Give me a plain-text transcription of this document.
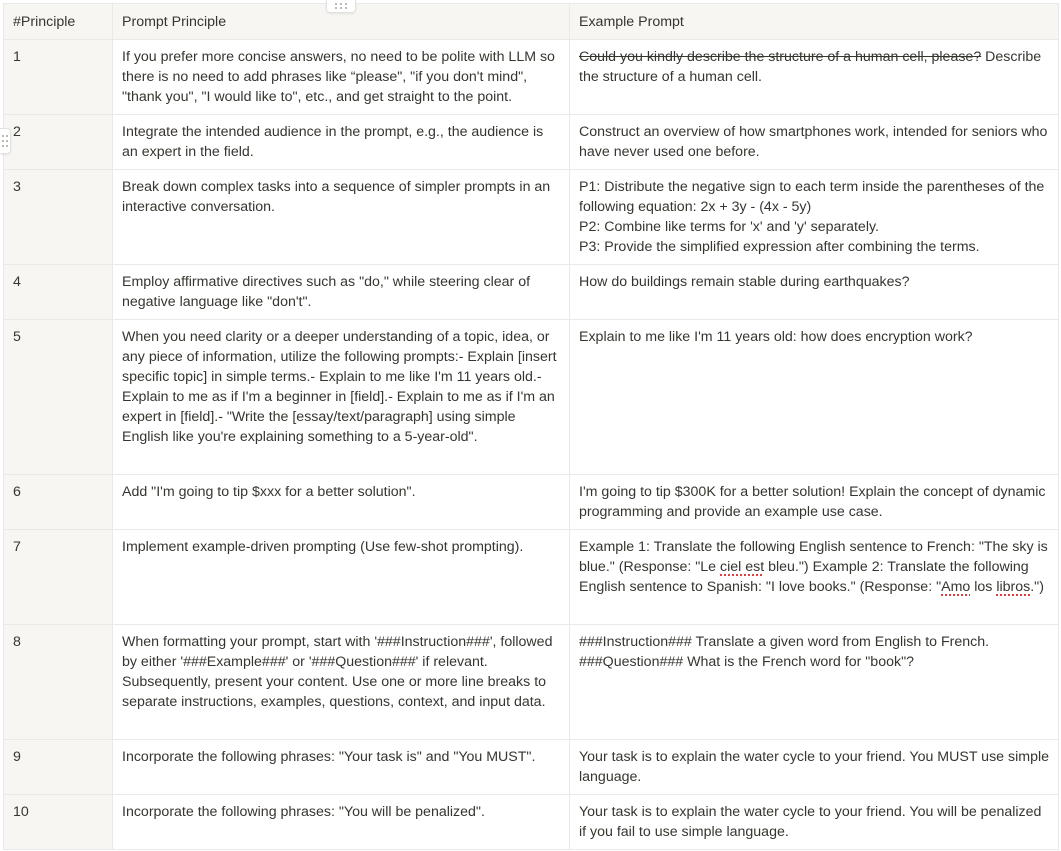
#Principle	Prompt Principle	Example Prompt
1	If you prefer more concise answers, no need to be polite with LLM so there is no need to add phrases like “please", "if you don't mind", "thank you", "I would like to", etc., and get straight to the point.	Could you kindly describe the structure of a human cell, please? Describe the structure of a human cell.
2	Integrate the intended audience in the prompt, e.g., the audience is an expert in the field.	Construct an overview of how smartphones work, intended for seniors who have never used one before.
3	Break down complex tasks into a sequence of simpler prompts in an interactive conversation.	P1: Distribute the negative sign to each term inside the parentheses of the following equation: 2x + 3y - (4x - 5y)
P2: Combine like terms for 'x' and 'y' separately.
P3: Provide the simplified expression after combining the terms.

4	Employ affirmative directives such as "do," while steering clear of negative language like "don't".	How do buildings remain stable during earthquakes?
5	When you need clarity or a deeper understanding of a topic, idea, or any piece of information, utilize the following prompts:- Explain [insert specific topic] in simple terms.- Explain to me like I'm 11 years old.- Explain to me as if I'm a beginner in [field].- Explain to me as if I'm an expert in [field].- "Write the [essay/text/paragraph] using simple English like you're explaining something to a 5-year-old".	Explain to me like I'm 11 years old: how does encryption work?
6	Add "I'm going to tip $xxx for a better solution".	I'm going to tip $300K for a better solution! Explain the concept of dynamic programming and provide an example use case.
7	Implement example-driven prompting (Use few-shot prompting).	Example 1: Translate the following English sentence to French: "The sky is blue." (Response: "Le ciel est bleu.") Example 2: Translate the following English sentence to Spanish: "I love books." (Response: "Amo los libros.")
8	When formatting your prompt, start with '###Instruction###', followed by either '###Example###' or '###Question###' if relevant. Subsequently, present your content. Use one or more line breaks to separate instructions, examples, questions, context, and input data.	###Instruction### Translate a given word from English to French. ###Question### What is the French word for "book"?
9	Incorporate the following phrases: "Your task is" and "You MUST".	Your task is to explain the water cycle to your friend. You MUST use simple language.
10	Incorporate the following phrases: "You will be penalized".	Your task is to explain the water cycle to your friend. You will be penalized if you fail to use simple language.
